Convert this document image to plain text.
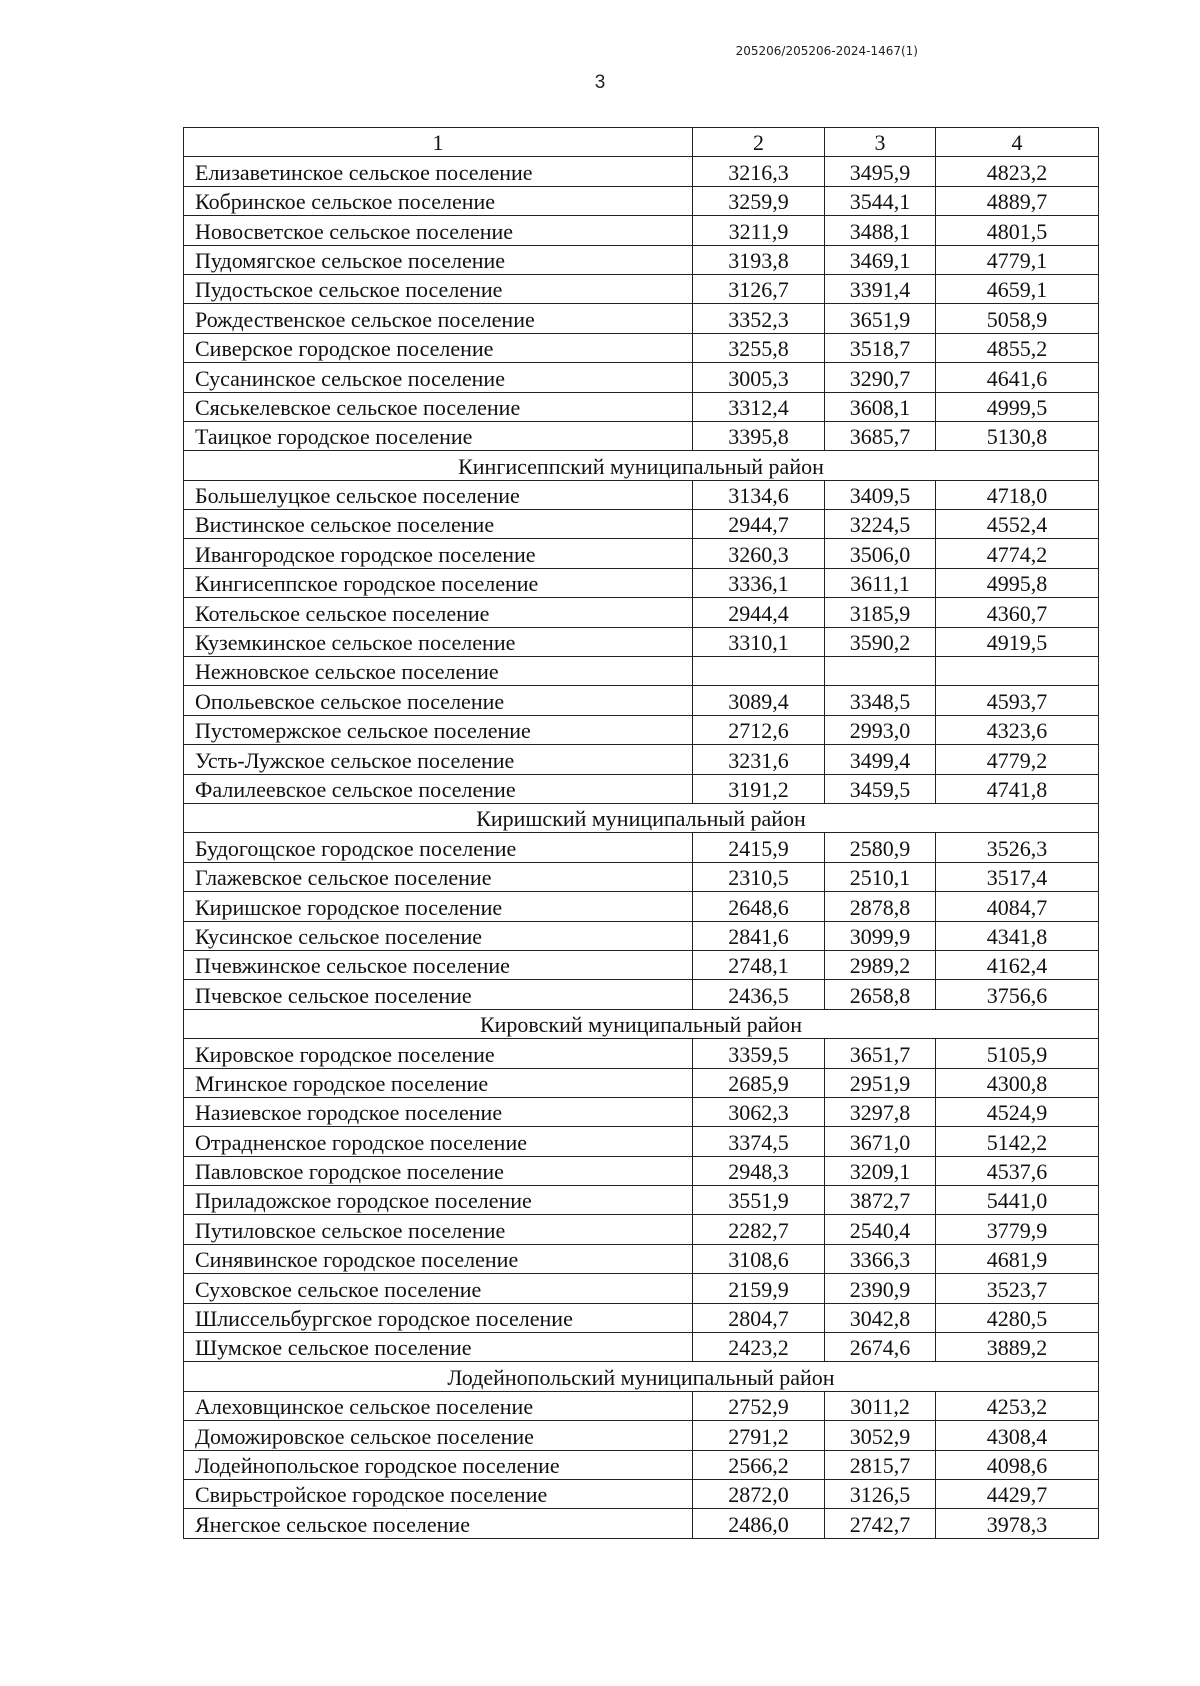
205206/205206-2024-1467(1)
3
1	2	3	4
Елизаветинское сельское поселение	3216,3	3495,9	4823,2
Кобринское сельское поселение	3259,9	3544,1	4889,7
Новосветское сельское поселение	3211,9	3488,1	4801,5
Пудомягское сельское поселение	3193,8	3469,1	4779,1
Пудостьское сельское поселение	3126,7	3391,4	4659,1
Рождественское сельское поселение	3352,3	3651,9	5058,9
Сиверское городское поселение	3255,8	3518,7	4855,2
Сусанинское сельское поселение	3005,3	3290,7	4641,6
Сяськелевское сельское поселение	3312,4	3608,1	4999,5
Таицкое городское поселение	3395,8	3685,7	5130,8
Кингисеппский муниципальный район			
Большелуцкое сельское поселение	3134,6	3409,5	4718,0
Вистинское сельское поселение	2944,7	3224,5	4552,4
Ивангородское городское поселение	3260,3	3506,0	4774,2
Кингисеппское городское поселение	3336,1	3611,1	4995,8
Котельское сельское поселение	2944,4	3185,9	4360,7
Куземкинское сельское поселение	3310,1	3590,2	4919,5
Нежновское сельское поселение			
Опольевское сельское поселение	3089,4	3348,5	4593,7
Пустомержское сельское поселение	2712,6	2993,0	4323,6
Усть-Лужское сельское поселение	3231,6	3499,4	4779,2
Фалилеевское сельское поселение	3191,2	3459,5	4741,8
Киришский муниципальный район			
Будогощское городское поселение	2415,9	2580,9	3526,3
Глажевское сельское поселение	2310,5	2510,1	3517,4
Киришское городское поселение	2648,6	2878,8	4084,7
Кусинское сельское поселение	2841,6	3099,9	4341,8
Пчевжинское сельское поселение	2748,1	2989,2	4162,4
Пчевское сельское поселение	2436,5	2658,8	3756,6
Кировский муниципальный район			
Кировское городское поселение	3359,5	3651,7	5105,9
Мгинское городское поселение	2685,9	2951,9	4300,8
Назиевское городское поселение	3062,3	3297,8	4524,9
Отрадненское городское поселение	3374,5	3671,0	5142,2
Павловское городское поселение	2948,3	3209,1	4537,6
Приладожское городское поселение	3551,9	3872,7	5441,0
Путиловское сельское поселение	2282,7	2540,4	3779,9
Синявинское городское поселение	3108,6	3366,3	4681,9
Суховское сельское поселение	2159,9	2390,9	3523,7
Шлиссельбургское городское поселение	2804,7	3042,8	4280,5
Шумское сельское поселение	2423,2	2674,6	3889,2
Лодейнопольский муниципальный район			
Алеховщинское сельское поселение	2752,9	3011,2	4253,2
Доможировское сельское поселение	2791,2	3052,9	4308,4
Лодейнопольское городское поселение	2566,2	2815,7	4098,6
Свирьстройское городское поселение	2872,0	3126,5	4429,7
Янегское сельское поселение	2486,0	2742,7	3978,3
